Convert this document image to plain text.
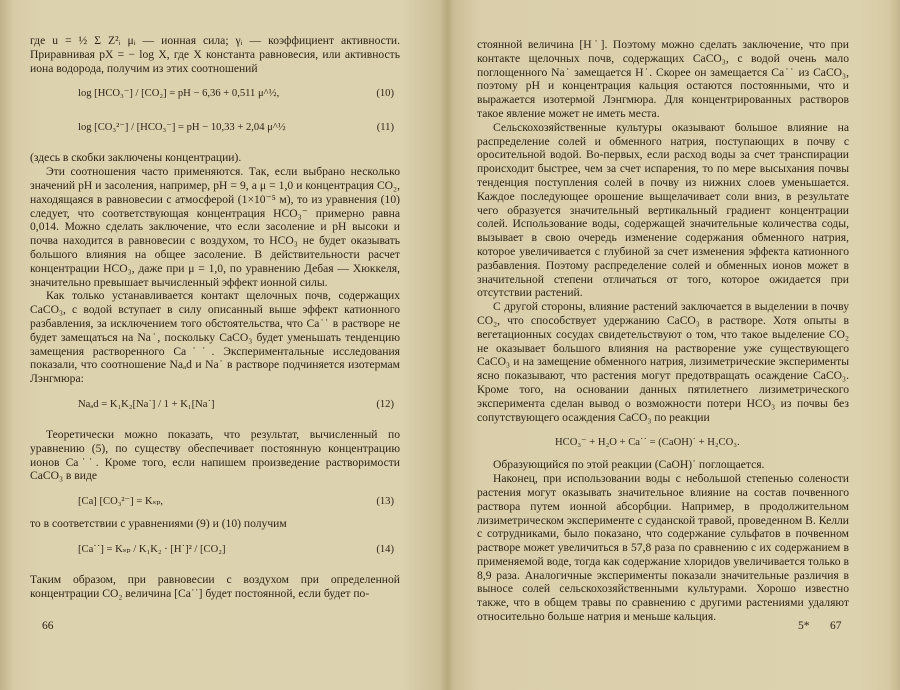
где u = ½ Σ Z²ᵢ μᵢ — ионная сила; γᵢ — коэффициент активности. Приравнивая pX = − log X, где X константа равновесия, или активность иона водорода, получим из этих соотношений

log [HCO₃⁻] / [CO₂] = pH − 6,36 + 0,511 μ^½,	(10)
log [CO₃²⁻] / [HCO₃⁻] = pH − 10,33 + 2,04 μ^½	(11)

(здесь в скобки заключены концентрации).

Эти соотношения часто применяются. Так, если выбрано несколько значений pH и засоления, например, pH = 9, а μ = 1,0 и концентрация CO₂, находящаяся в равновесии с атмосферой (1×10⁻⁵ м), то из уравнения (10) следует, что соответствующая концентрация HCO₃⁻ примерно равна 0,014. Можно сделать заключение, что если засоление и pH высоки и почва находится в равновесии с воздухом, то HCO₃ не будет оказывать большого влияния на общее засоление. В действительности расчет концентрации HCO₃, даже при μ = 1,0, по уравнению Дебая — Хюккеля, значительно превышает вычисленный эффект ионной силы.

Как только устанавливается контакт щелочных почв, содержащих CaCO₃, с водой вступает в силу описанный выше эффект катионного разбавления, за исключением того обстоятельства, что Ca˙˙ в растворе не будет замещаться на Na˙, поскольку CaCO₃ будет уменьшать тенденцию замещения растворенного Ca˙˙. Экспериментальные исследования показали, что соотношение Naₐd и Na˙ в растворе подчиняется изотермам Лэнгмюра:

Naₐd = K₁K₂[Na˙] / 1 + K₁[Na˙]	(12)

Теоретически можно показать, что результат, вычисленный по уравнению (5), по существу обеспечивает постоянную концентрацию ионов Ca˙˙. Кроме того, если напишем произведение растворимости CaCO₃ в виде

[Ca] [CO₃²⁻] = Kₛₚ,	(13)

то в соответствии с уравнениями (9) и (10) получим

[Ca˙˙] = Kₛₚ / K₁K₂ · [H˙]² / [CO₂]	(14)

Таким образом, при равновесии с воздухом при определенной концентрации CO₂ величина [Ca˙˙] будет постоянной, если будет по-

66

стоянной величина [H˙]. Поэтому можно сделать заключение, что при контакте щелочных почв, содержащих CaCO₃, с водой очень мало поглощенного Na˙ замещается H˙. Скорее он замещается Ca˙˙ из CaCO₃, поэтому pH и концентрация кальция остаются постоянными, что и выражается изотермой Лэнгмюра. Для концентрированных растворов такое явление может не иметь места.

Сельскохозяйственные культуры оказывают большое влияние на распределение солей и обменного натрия, поступающих в почву с оросительной водой. Во-первых, если расход воды за счет транспирации происходит быстрее, чем за счет испарения, то по мере высыхания почвы тенденция поступления солей в почву из нижних слоев уменьшается. Каждое последующее орошение выщелачивает соли вниз, в результате чего образуется значительный вертикальный градиент концентрации солей. Использование воды, содержащей значительные количества соды, вызывает в свою очередь изменение содержания обменного натрия, которое увеличивается с глубиной за счет изменения эффекта катионного разбавления. Поэтому распределение солей и обменных ионов может в значительной степени отличаться от того, которое ожидается при отсутствии растений.

С другой стороны, влияние растений заключается в выделении в почву CO₂, что способствует удержанию CaCO₃ в растворе. Хотя опыты в вегетационных сосудах свидетельствуют о том, что такое выделение CO₂ не оказывает большого влияния на растворение уже существующего CaCO₃ и на замещение обменного натрия, лизиметрические эксперименты ясно показывают, что растения могут предотвращать осаждение CaCO₃. Кроме того, на основании данных пятилетнего лизиметрического эксперимента сделан вывод о возможности потери HCO₃ из почвы без сопутствующего осаждения CaCO₃ по реакции

HCO₃⁻ + H₂O + Ca˙˙ = (CaOH)˙ + H₂CO₃.

Образующийся по этой реакции (CaOH)˙ поглощается.

Наконец, при использовании воды с небольшой степенью солености растения могут оказывать значительное влияние на состав почвенного раствора путем ионной абсорбции. Например, в продолжительном лизиметрическом эксперименте с суданской травой, проведенном В. Келли с сотрудниками, было показано, что содержание сульфатов в почвенном растворе может увеличиться в 57,8 раза по сравнению с их содержанием в применяемой воде, тогда как содержание хлоридов увеличивается только в 8,9 раза. Аналогичные эксперименты показали значительные различия в выносе солей сельскохозяйственными культурами. Хорошо известно также, что в общем травы по сравнению с другими растениями удаляют относительно больше натрия и меньше кальция.

5* 67
